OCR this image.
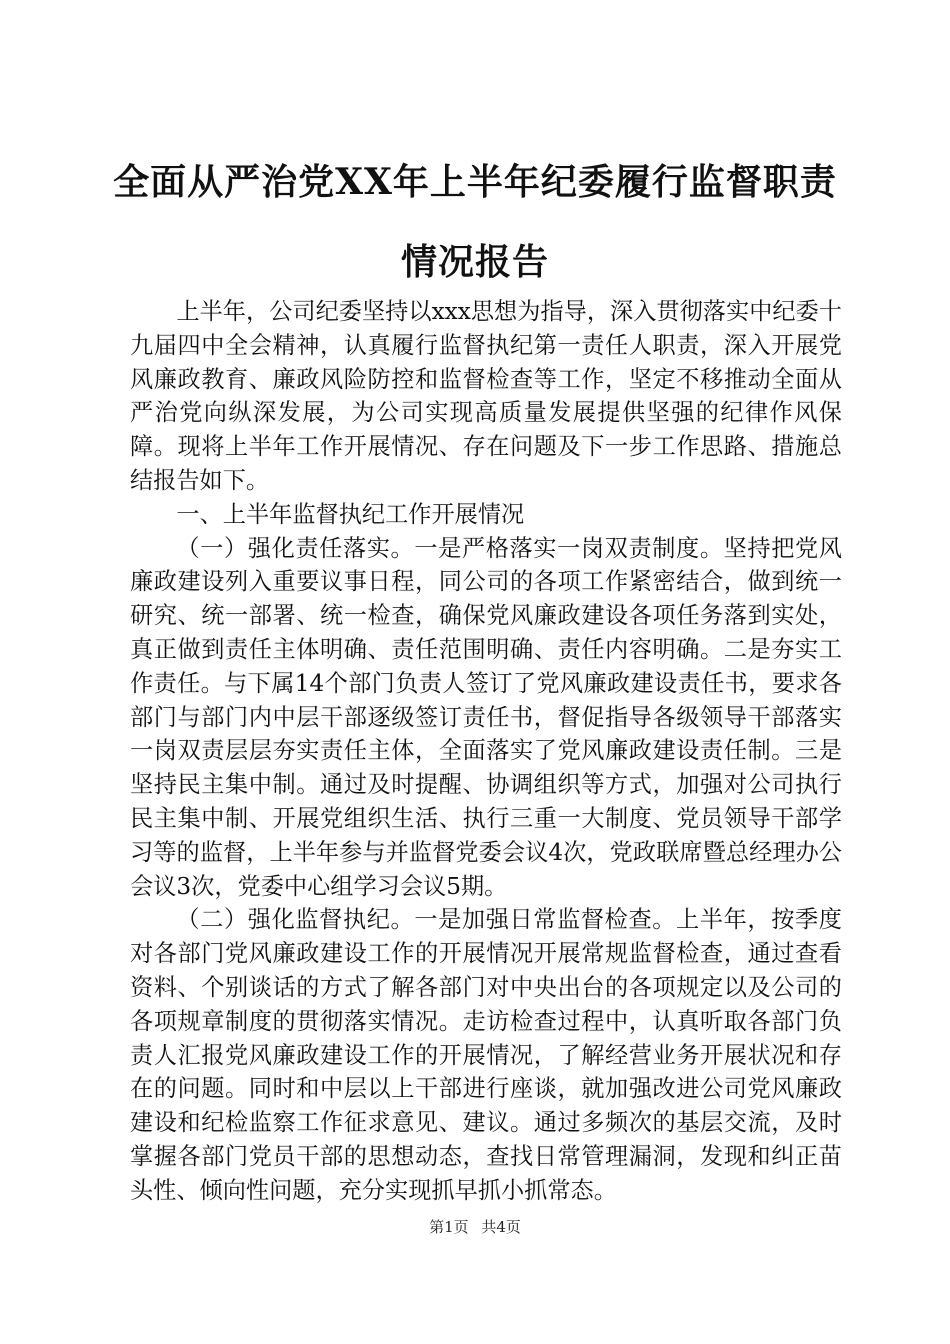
全面从严治党XX年上半年纪委履行监督职责
情况报告

上半年，公司纪委坚持以xxx思想为指导，深入贯彻落实中纪委十九届四中全会精神，认真履行监督执纪第一责任人职责，深入开展党风廉政教育、廉政风险防控和监督检查等工作，坚定不移推动全面从严治党向纵深发展，为公司实现高质量发展提供坚强的纪律作风保障。现将上半年工作开展情况、存在问题及下一步工作思路、措施总结报告如下。

一、上半年监督执纪工作开展情况

（一）强化责任落实。一是严格落实一岗双责制度。坚持把党风廉政建设列入重要议事日程，同公司的各项工作紧密结合，做到统一研究、统一部署、统一检查，确保党风廉政建设各项任务落到实处，真正做到责任主体明确、责任范围明确、责任内容明确。二是夯实工作责任。与下属14个部门负责人签订了党风廉政建设责任书，要求各部门与部门内中层干部逐级签订责任书，督促指导各级领导干部落实一岗双责层层夯实责任主体，全面落实了党风廉政建设责任制。三是坚持民主集中制。通过及时提醒、协调组织等方式，加强对公司执行民主集中制、开展党组织生活、执行三重一大制度、党员领导干部学习等的监督，上半年参与并监督党委会议4次，党政联席暨总经理办公会议3次，党委中心组学习会议5期。

（二）强化监督执纪。一是加强日常监督检查。上半年，按季度对各部门党风廉政建设工作的开展情况开展常规监督检查，通过查看资料、个别谈话的方式了解各部门对中央出台的各项规定以及公司的各项规章制度的贯彻落实情况。走访检查过程中，认真听取各部门负责人汇报党风廉政建设工作的开展情况，了解经营业务开展状况和存在的问题。同时和中层以上干部进行座谈，就加强改进公司党风廉政建设和纪检监察工作征求意见、建议。通过多频次的基层交流，及时掌握各部门党员干部的思想动态，查找日常管理漏洞，发现和纠正苗头性、倾向性问题，充分实现抓早抓小抓常态。

第1页 共4页
